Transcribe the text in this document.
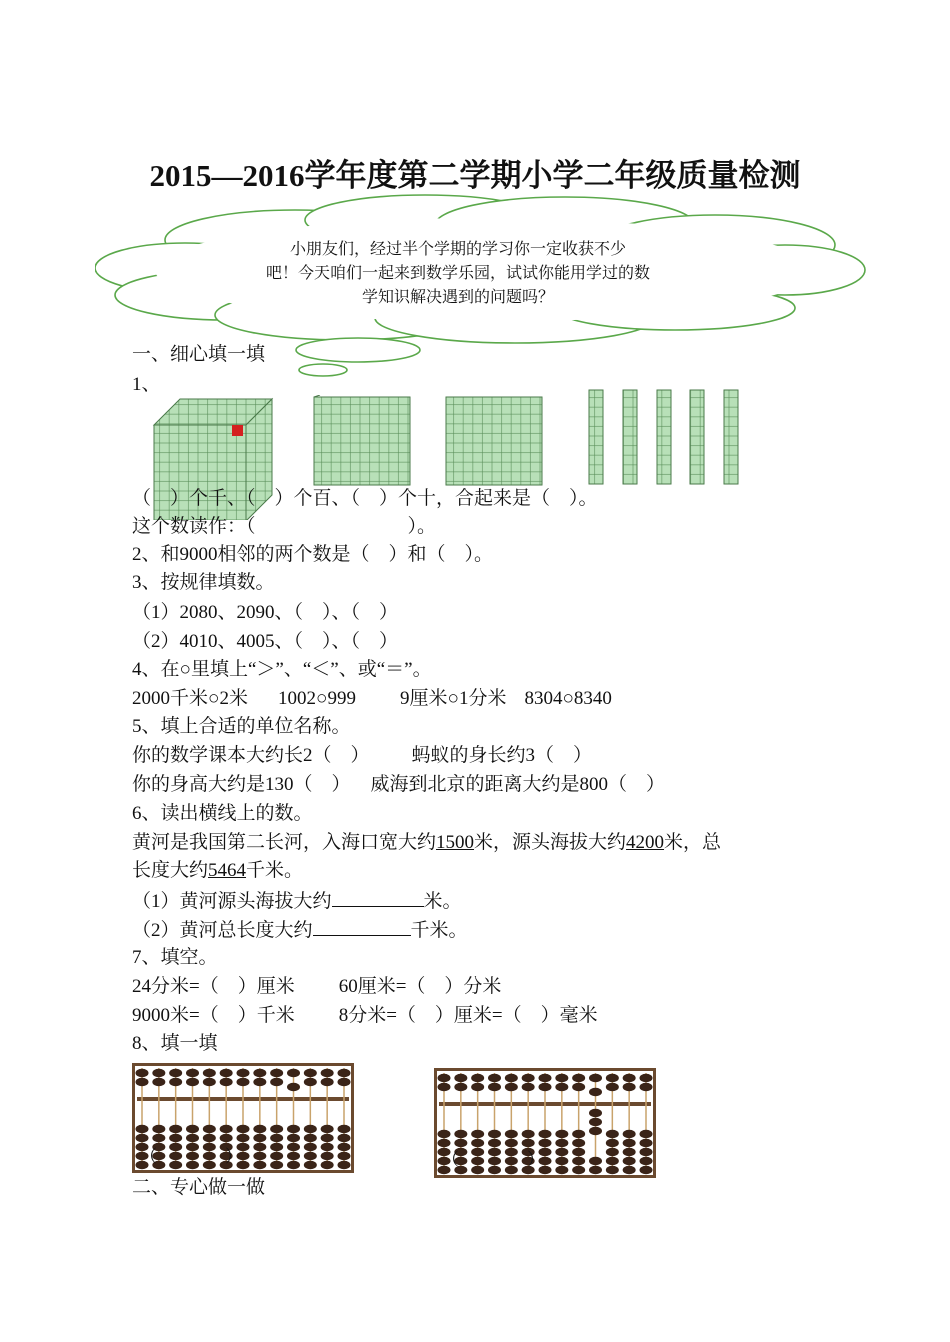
2015—2016学年度第二学期小学二年级质量检测
小朋友们，经过半个学期的学习你一定收获不少
吧！今天咱们一起来到数学乐园，试试你能用学过的数
学知识解决遇到的问题吗？
一、细心填一填
1、
（　）个千、（　）个百、（　）个十，合起来是（　）。
这个数读作：（　　　　　　　　）。
2、和9000相邻的两个数是（　）和（　）。
3、按规律填数。
（1）2080、2090、（　）、（　）
（2）4010、4005、（　）、（　）
4、在○里填上“＞”、“＜”、或“＝”。
2000千米○2米 1002○999 9厘米○1分米 8304○8340
5、填上合适的单位名称。
你的数学课本大约长2（　） 蚂蚁的身长约3（　）
你的身高大约是130（　） 威海到北京的距离大约是800（　）
6、读出横线上的数。
黄河是我国第二长河，入海口宽大约1500米，源头海拔大约4200米，总
长度大约5464千米。
（1）黄河源头海拔大约	米。
（2）黄河总长度大约	千米。
7、填空。
24分米=（　）厘米 60厘米=（　）分米
9000米=（　）千米 8分米=（　）厘米=（　）毫米
8、填一填
（　　　　）	（　　　　）
二、专心做一做
